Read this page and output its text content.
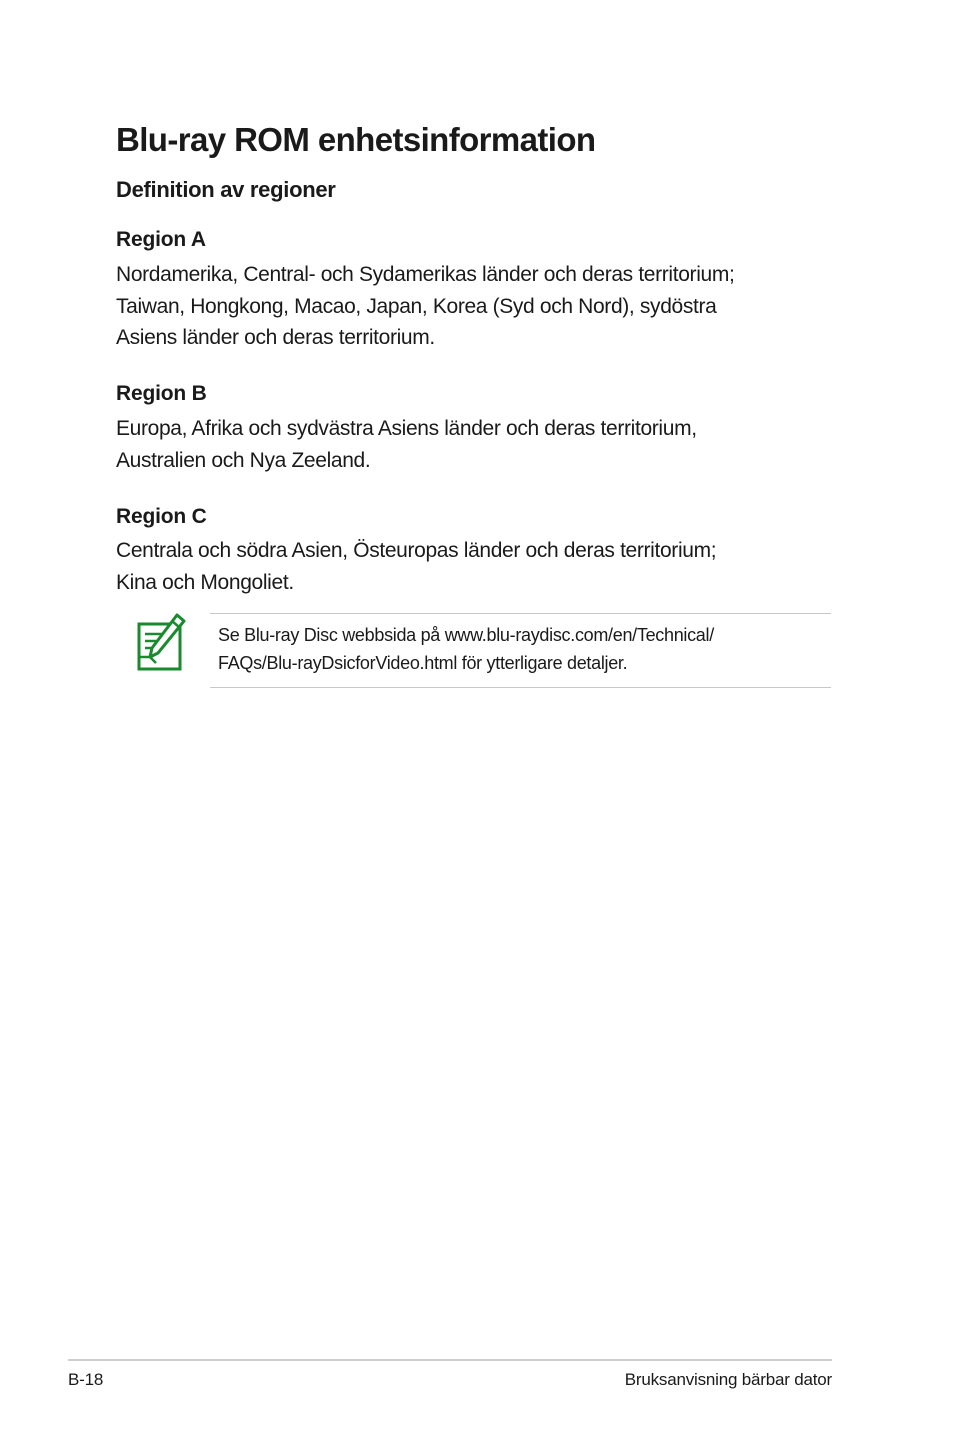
Blu-ray ROM enhetsinformation
Definition av regioner
Region A

Nordamerika, Central- och Sydamerikas länder och deras territorium;
Taiwan, Hongkong, Macao, Japan, Korea (Syd och Nord), sydöstra
Asiens länder och deras territorium.

Region B

Europa, Afrika och sydvästra Asiens länder och deras territorium,
Australien och Nya Zeeland.

Region C

Centrala och södra Asien, Östeuropas länder och deras territorium;
Kina och Mongoliet.

Se Blu-ray Disc webbsida på www.blu-raydisc.com/en/Technical/
FAQs/Blu-rayDsicforVideo.html för ytterligare detaljer.

B-18	Bruksanvisning bärbar dator
